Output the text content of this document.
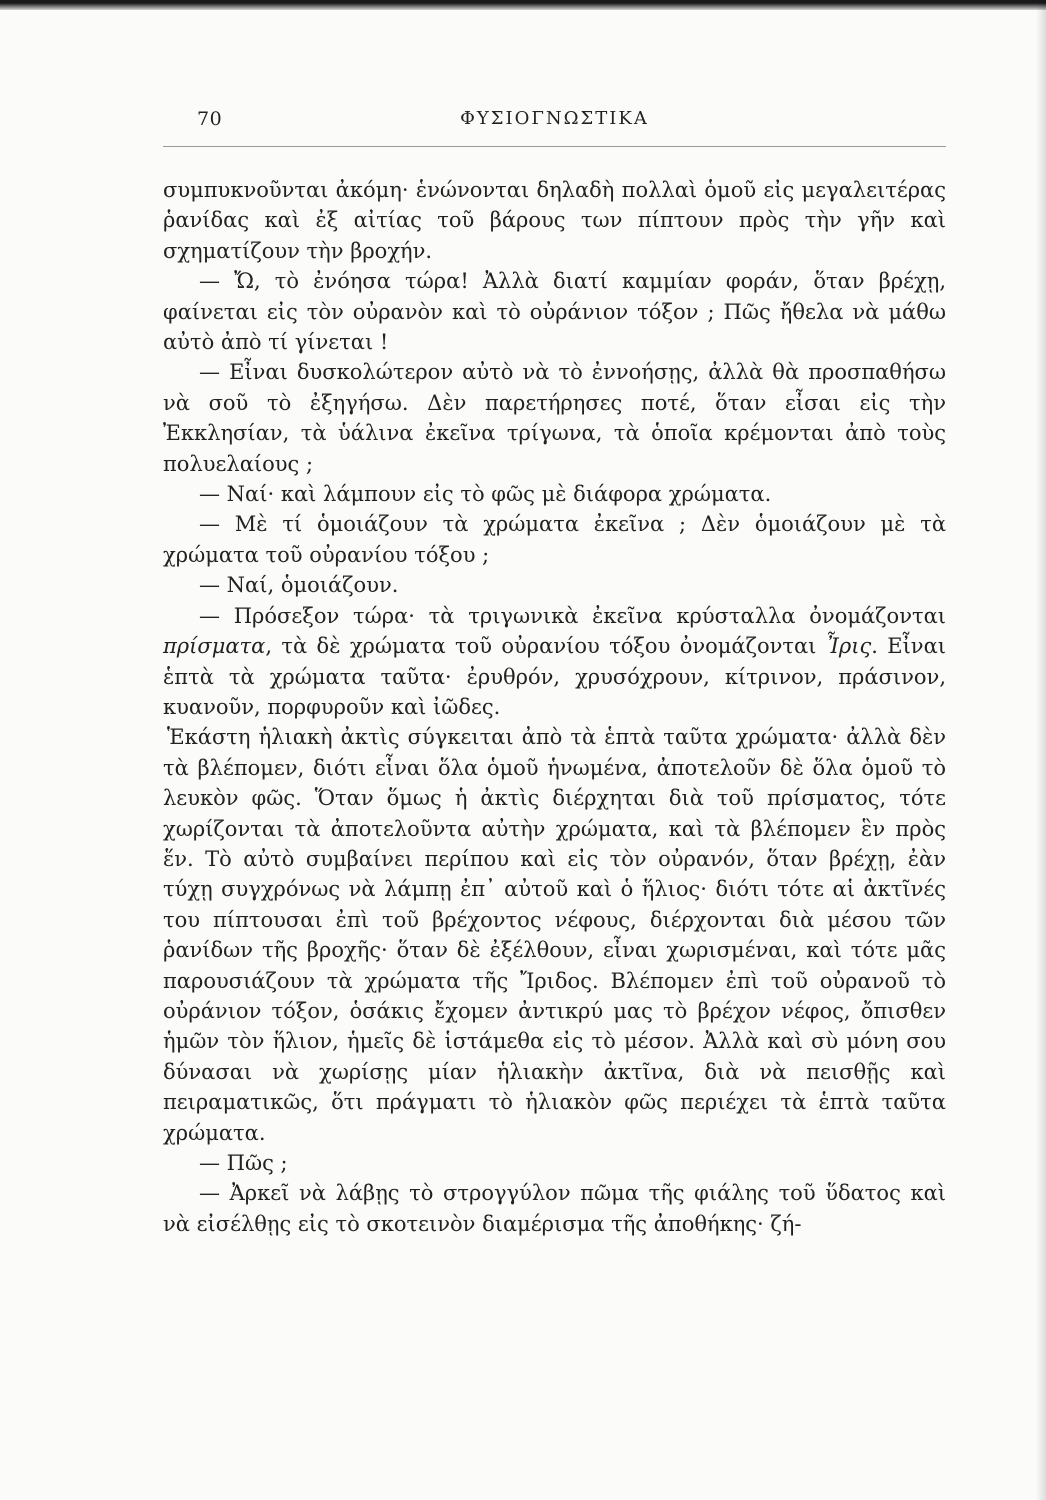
70	ΦΥΣΙΟΓΝΩΣΤΙΚΑ

συμπυκνοῦνται ἀκόμη· ἑνώνονται δηλαδὴ πολλαὶ ὁμοῦ εἰς μεγαλειτέρας ῥανίδας καὶ ἐξ αἰτίας τοῦ βάρους των πίπτουν πρὸς τὴν γῆν καὶ σχηματίζουν τὴν βροχήν.

— Ὤ, τὸ ἐνόησα τώρα! Ἀλλὰ διατί καμμίαν φοράν, ὅταν βρέχῃ, φαίνεται εἰς τὸν οὐρανὸν καὶ τὸ οὐράνιον τόξον ; Πῶς ἤθελα νὰ μάθω αὐτὸ ἀπὸ τί γίνεται !

— Εἶναι δυσκολώτερον αὐτὸ νὰ τὸ ἐννοήσῃς, ἀλλὰ θὰ προσπαθήσω νὰ σοῦ τὸ ἐξηγήσω. Δὲν παρετήρησες ποτέ, ὅταν εἶσαι εἰς τὴν Ἐκκλησίαν, τὰ ὑάλινα ἐκεῖνα τρίγωνα, τὰ ὁποῖα κρέμονται ἀπὸ τοὺς πολυελαίους ;

— Ναί· καὶ λάμπουν εἰς τὸ φῶς μὲ διάφορα χρώματα.

— Μὲ τί ὁμοιάζουν τὰ χρώματα ἐκεῖνα ; Δὲν ὁμοιάζουν μὲ τὰ χρώματα τοῦ οὐρανίου τόξου ;

— Ναί, ὁμοιάζουν.

— Πρόσεξον τώρα· τὰ τριγωνικὰ ἐκεῖνα κρύσταλλα ὀνομάζονται πρίσματα, τὰ δὲ χρώματα τοῦ οὐρανίου τόξου ὀνομάζονται Ἶρις. Εἶναι ἑπτὰ τὰ χρώματα ταῦτα· ἐρυθρόν, χρυσόχρουν, κίτρινον, πράσινον, κυανοῦν, πορφυροῦν καὶ ἰῶδες.

Ἑκάστη ἡλιακὴ ἀκτὶς σύγκειται ἀπὸ τὰ ἑπτὰ ταῦτα χρώματα· ἀλλὰ δὲν τὰ βλέπομεν, διότι εἶναι ὅλα ὁμοῦ ἡνωμένα, ἀποτελοῦν δὲ ὅλα ὁμοῦ τὸ λευκὸν φῶς. Ὅταν ὅμως ἡ ἀκτὶς διέρχηται διὰ τοῦ πρίσματος, τότε χωρίζονται τὰ ἀποτελοῦντα αὐτὴν χρώματα, καὶ τὰ βλέπομεν ἓν πρὸς ἕν. Τὸ αὐτὸ συμβαίνει περίπου καὶ εἰς τὸν οὐρανόν, ὅταν βρέχῃ, ἐὰν τύχῃ συγχρόνως νὰ λάμπῃ ἐπ᾿ αὐτοῦ καὶ ὁ ἥλιος· διότι τότε αἱ ἀκτῖνές του πίπτουσαι ἐπὶ τοῦ βρέχοντος νέφους, διέρχονται διὰ μέσου τῶν ῥανίδων τῆς βροχῆς· ὅταν δὲ ἐξέλθουν, εἶναι χωρισμέναι, καὶ τότε μᾶς παρουσιάζουν τὰ χρώματα τῆς Ἴριδος. Βλέπομεν ἐπὶ τοῦ οὐρανοῦ τὸ οὐράνιον τόξον, ὁσάκις ἔχομεν ἀντικρύ μας τὸ βρέχον νέφος, ὄπισθεν ἡμῶν τὸν ἥλιον, ἡμεῖς δὲ ἱστάμεθα εἰς τὸ μέσον. Ἀλλὰ καὶ σὺ μόνη σου δύνασαι νὰ χωρίσῃς μίαν ἡλιακὴν ἀκτῖνα, διὰ νὰ πεισθῇς καὶ πειραματικῶς, ὅτι πράγματι τὸ ἡλιακὸν φῶς περιέχει τὰ ἑπτὰ ταῦτα χρώματα.

— Πῶς ;

— Ἀρκεῖ νὰ λάβῃς τὸ στρογγύλον πῶμα τῆς φιάλης τοῦ ὕδατος καὶ νὰ εἰσέλθῃς εἰς τὸ σκοτεινὸν διαμέρισμα τῆς ἀποθήκης· ζή-
